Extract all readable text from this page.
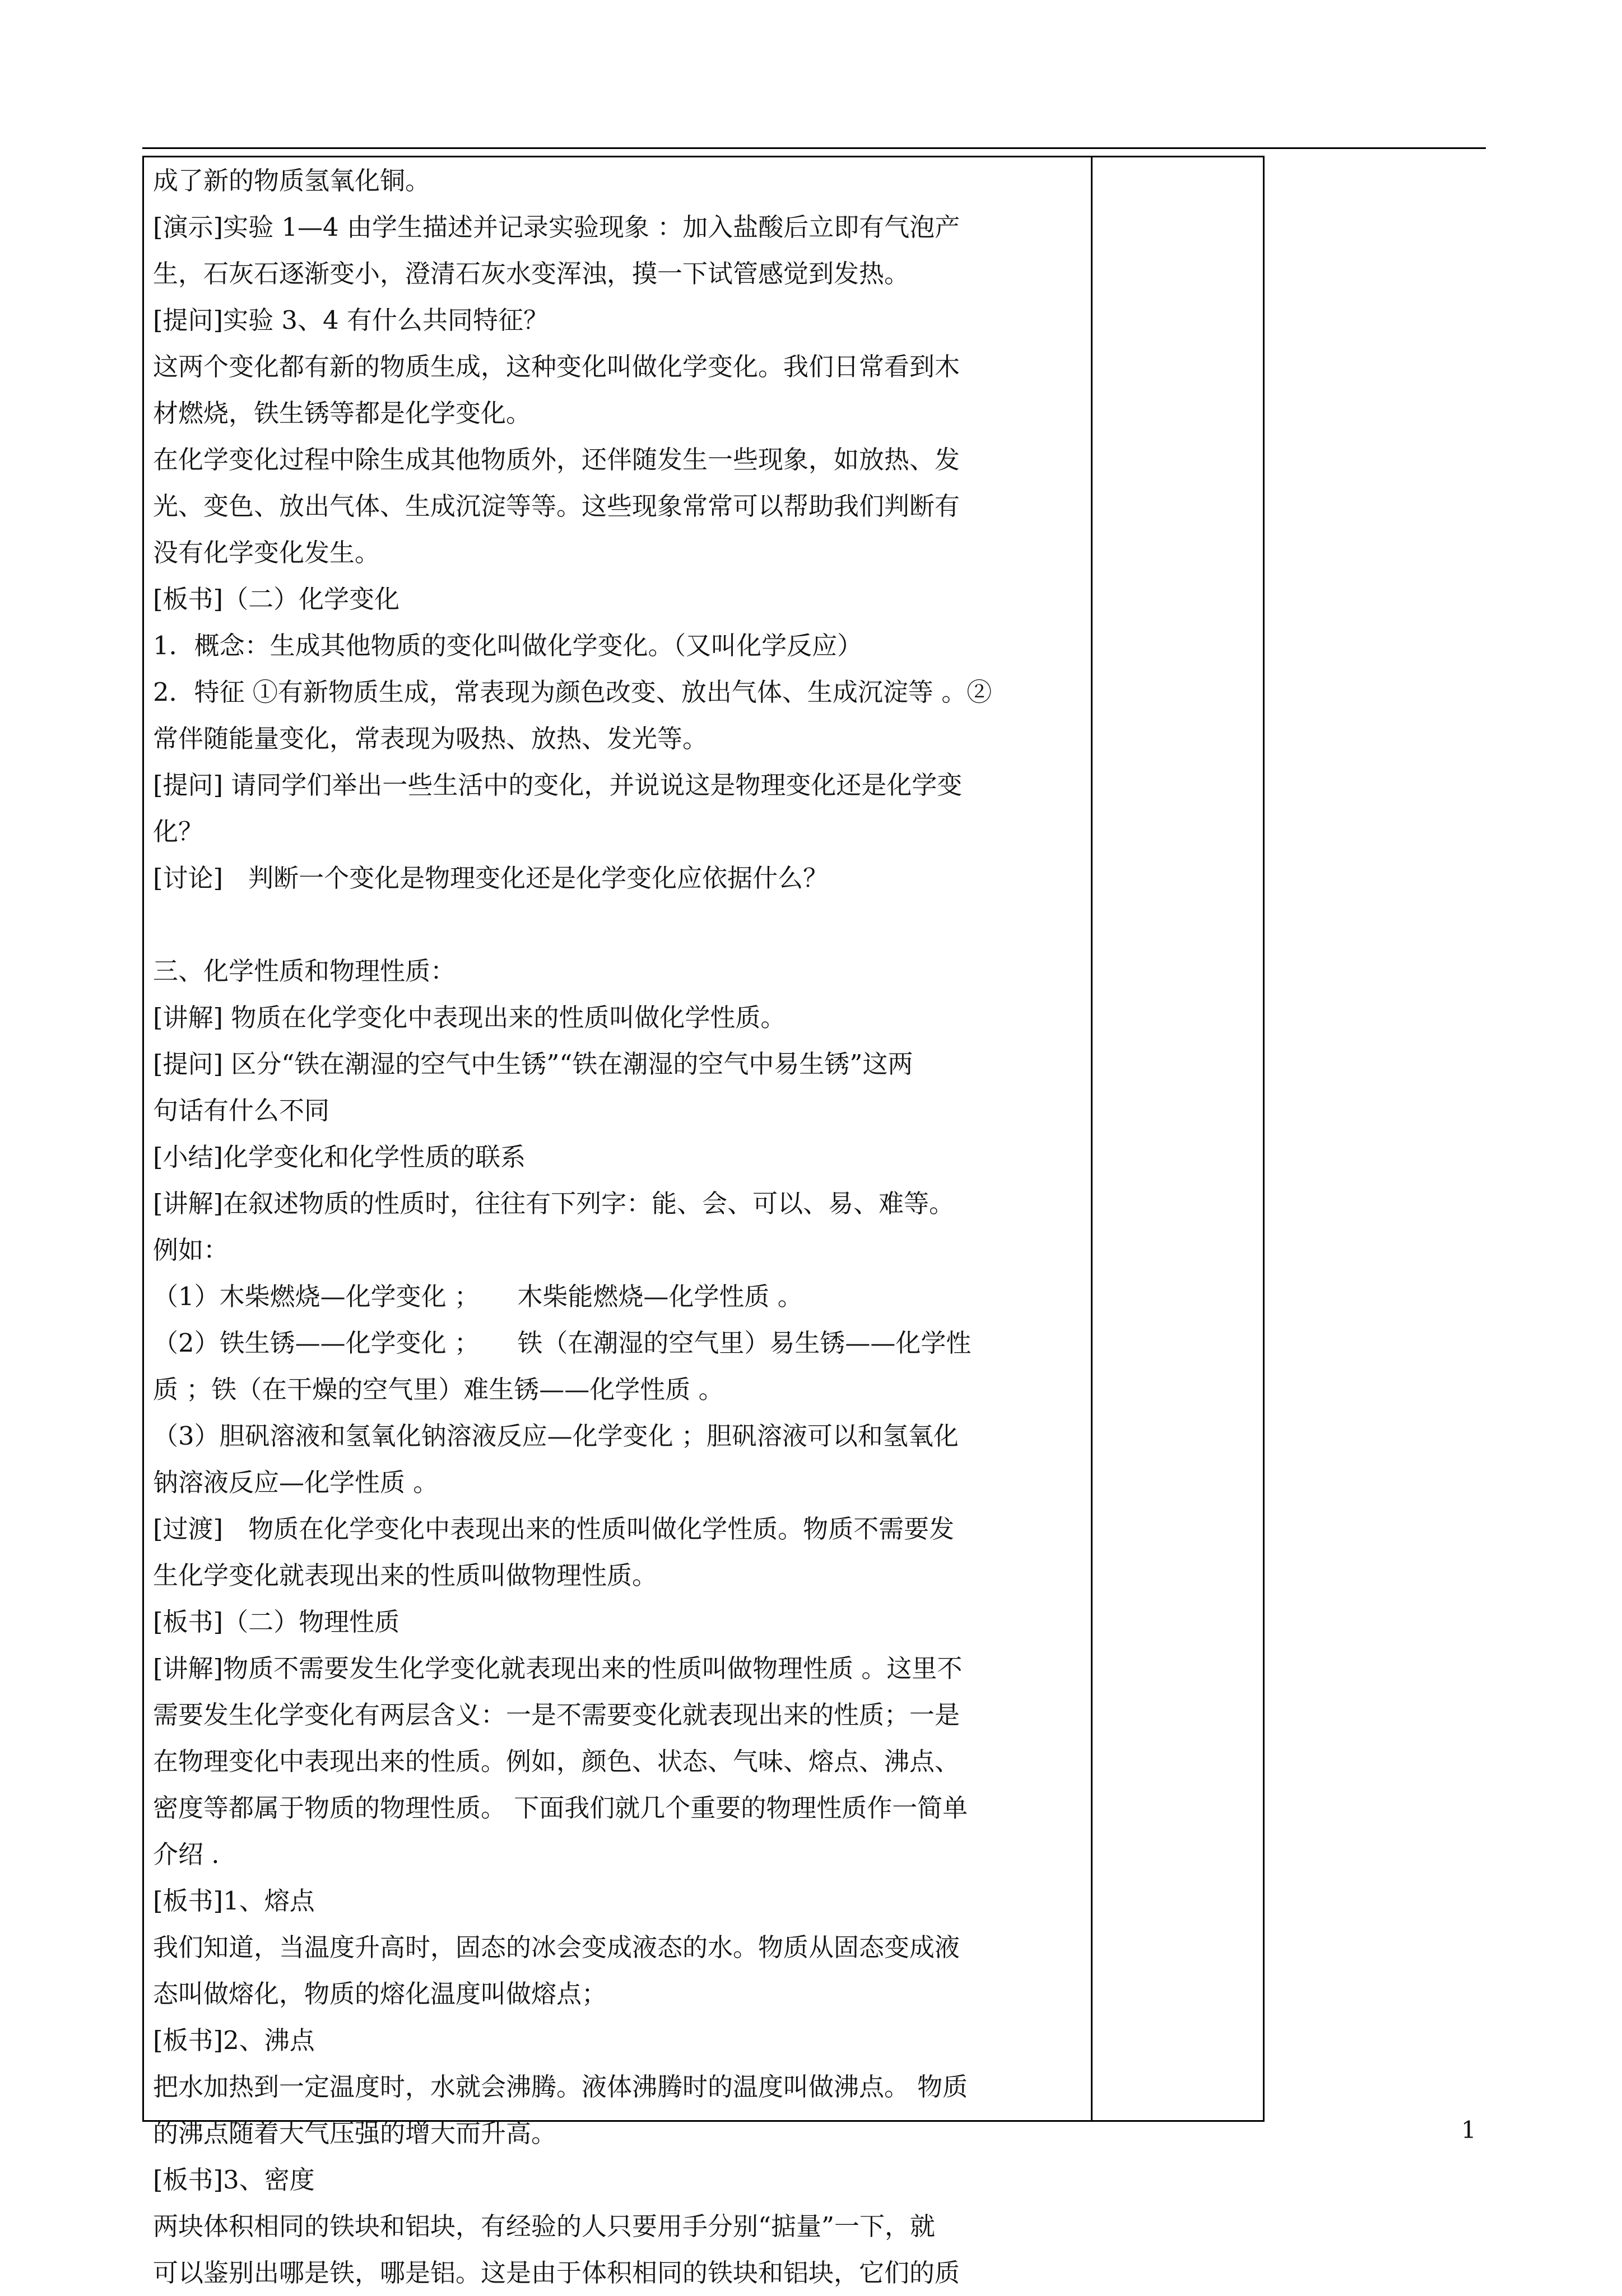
成了新的物质氢氧化铜。
[演示]实验 1—4 由学生描述并记录实验现象 ：加入盐酸后立即有气泡产
生，石灰石逐渐变小，澄清石灰水变浑浊，摸一下试管感觉到发热。
[提问]实验 3、4 有什么共同特征？
这两个变化都有新的物质生成，这种变化叫做化学变化。我们日常看到木
材燃烧，铁生锈等都是化学变化。
在化学变化过程中除生成其他物质外，还伴随发生一些现象，如放热、发
光、变色、放出气体、生成沉淀等等。这些现象常常可以帮助我们判断有
没有化学变化发生。
[板书]（二）化学变化
1．概念：生成其他物质的变化叫做化学变化。（又叫化学反应）
2．特征 ①有新物质生成，常表现为颜色改变、放出气体、生成沉淀等 。②
常伴随能量变化，常表现为吸热、放热、发光等。
[提问] 请同学们举出一些生活中的变化，并说说这是物理变化还是化学变
化？
[讨论]　判断一个变化是物理变化还是化学变化应依据什么？
三、化学性质和物理性质：
[讲解] 物质在化学变化中表现出来的性质叫做化学性质。
[提问] 区分“铁在潮湿的空气中生锈”“铁在潮湿的空气中易生锈”这两
句话有什么不同
[小结]化学变化和化学性质的联系
[讲解]在叙述物质的性质时，往往有下列字：能、会、可以、易、难等。
例如：
（1）木柴燃烧—化学变化 ；　　木柴能燃烧—化学性质 。
（2）铁生锈——化学变化 ；　　铁（在潮湿的空气里）易生锈——化学性
质 ；铁（在干燥的空气里）难生锈——化学性质 。
（3）胆矾溶液和氢氧化钠溶液反应—化学变化 ；胆矾溶液可以和氢氧化
钠溶液反应—化学性质 。
[过渡]　物质在化学变化中表现出来的性质叫做化学性质。物质不需要发
生化学变化就表现出来的性质叫做物理性质。
[板书]（二）物理性质
[讲解]物质不需要发生化学变化就表现出来的性质叫做物理性质 。这里不
需要发生化学变化有两层含义：一是不需要变化就表现出来的性质；一是
在物理变化中表现出来的性质。例如，颜色、状态、气味、熔点、沸点、
密度等都属于物质的物理性质。 下面我们就几个重要的物理性质作一简单
介绍 .
[板书]1、熔点
我们知道，当温度升高时，固态的冰会变成液态的水。物质从固态变成液
态叫做熔化，物质的熔化温度叫做熔点；
[板书]2、沸点
把水加热到一定温度时，水就会沸腾。液体沸腾时的温度叫做沸点。 物质
的沸点随着大气压强的增大而升高。
[板书]3、密度
两块体积相同的铁块和铝块，有经验的人只要用手分别“掂量”一下，就
可以鉴别出哪是铁，哪是铝。这是由于体积相同的铁块和铝块，它们的质
1
